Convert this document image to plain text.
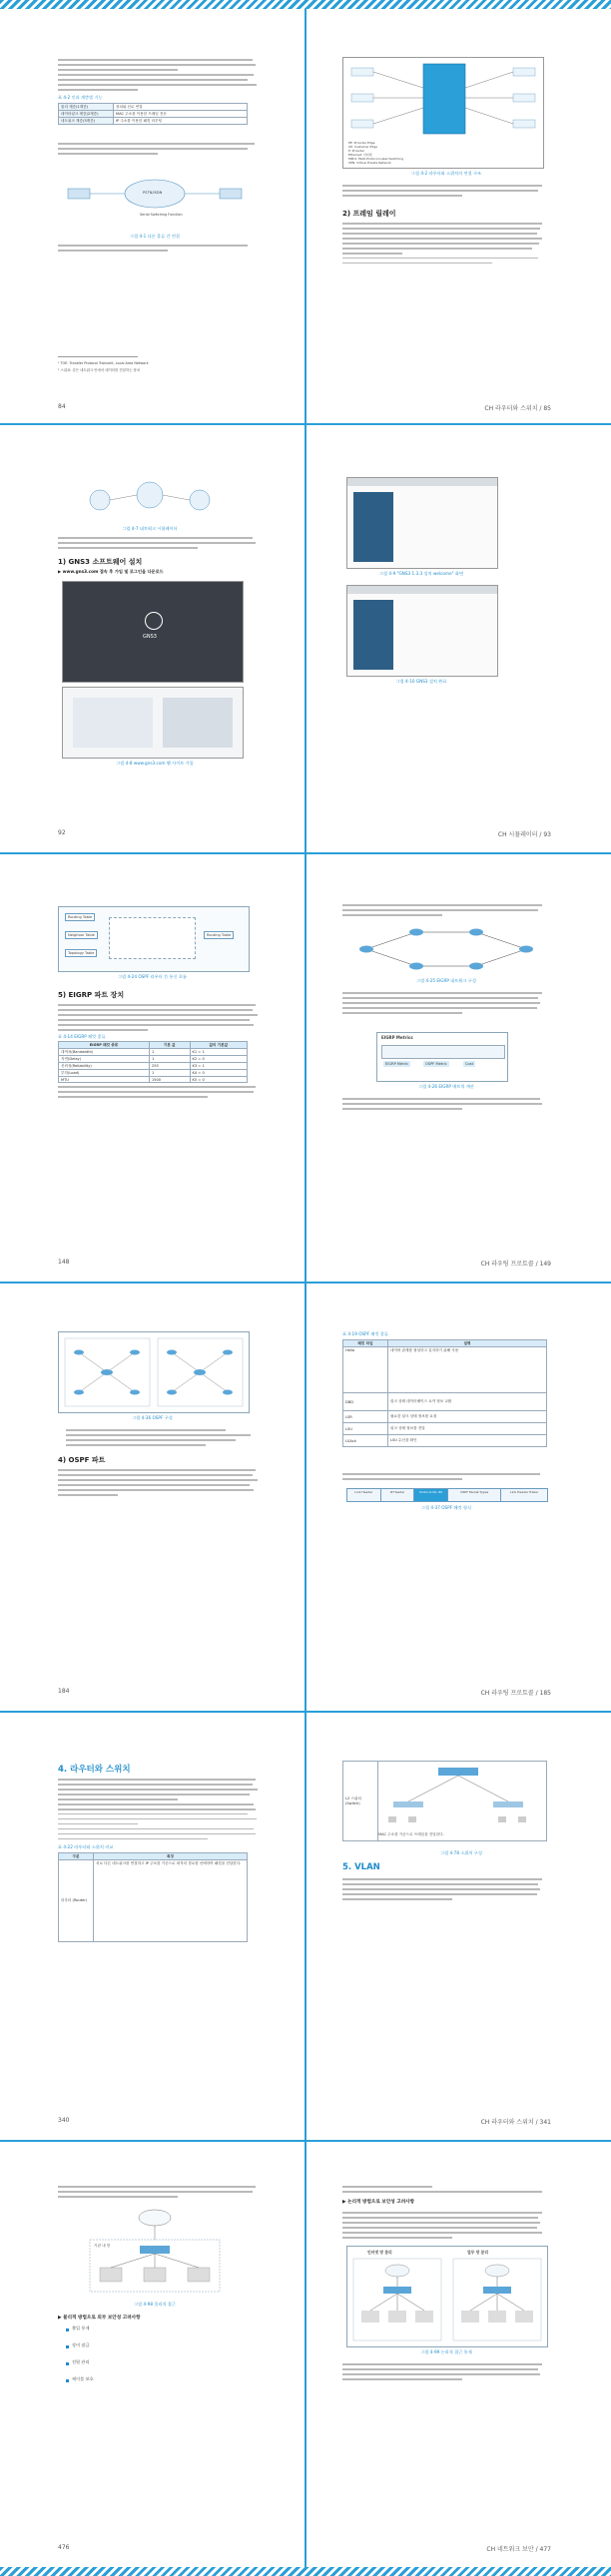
표 4-2 인과 계층별 기능
물리 계층(1계층)	장치와 선로 연결
데이터링크 계층(2계층)	MAC 주소를 이용한 프레임 전송
네트워크 계층(3계층)	IP 주소를 이용한 패킷 라우팅
PSTN/ISDN
Serial Switching Function
그림 4-1 다른 종류 간 연결
¹ TOE: Transfer Protocol Transmit, Local Area Network
² 스위치: 같은 네트워크 안에서 데이터를 전달하는 장치
84
PE: Provider Edge
CE: Customer Edge
P: Provider
Ethernet: 이더넷
MPLS: Multi-Protocol Label Switching
VPN: Virtual Private Network
그림 4-2 라우터와 스위치의 연결 구조
2) 프레임 릴레이
CH 라우터와 스위치 / 85
그림 4-7 네트워크 시뮬레이터
1) GNS3 소프트웨어 설치
▶ www.gns3.com 접속 후 가입 및 로그인을 다운로드
GNS3
그림 4-8 www.gns3.com 웹 사이트 가입
92
그림 4-9 "GNS3 1.3.3 설치 welcome" 화면
그림 4-10 GNS3 설치 완료
CH 시뮬레이터 / 93
Routing Table
Neighbor Table
Topology Table
Routing Table
그림 4-24 OSPF 라우터 간 통신 흐름
5) EIGRP 파트 장치
표 4-14 EIGRP 패킷 종류
EIGRP 패킷 종류	기본 값	값의 기본값
대역폭(Bandwidth)	1	K1 = 1
지연(Delay)	1	K2 = 0
신뢰성(Reliability)	255	K3 = 1
부하(Load)	1	K4 = 0
MTU	1500	K5 = 0
148
그림 4-25 EIGRP 네트워크 구성
EIGRP Metrics
EIGRP Metric	OSPF Metric	Cost
그림 4-26 EIGRP 메트릭 계산
CH 라우팅 프로토콜 / 149
그림 4-36 OSPF 구성
4) OSPF 파트
184
표 4-19 OSPF 패킷 종류
패킷 타입	설명
Hello	네이버 관계를 형성하고 유지하기 위해 사용
DBD	링크 상태 데이터베이스 요약 정보 교환
LSR	필요한 링크 상태 정보를 요청
LSU	링크 상태 정보를 전달
LSAck	LSU 수신을 확인
Link Header	IP Header	Protocol No. 89	OSPF Packet Types	Link Header Trailer
그림 4-37 OSPF 패킷 형식
CH 라우팅 프로토콜 / 185
4. 라우터와 스위치
표 4-22 라우터와 스위치 비교
구분	특징
라우터 (Router)	서로 다른 네트워크를 연결하고 IP 주소를 기준으로 최적의 경로를 선택하여 패킷을 전달한다.
340
L2 스위치 (Switch)	
MAC 주소를 기준으로 프레임을 전달한다.
그림 4-78 스위치 구성
5. VLAN
CH 라우터와 스위치 / 341
기관 내 망
그림 4-98 물리적 접근
▶ 물리적 방법으로 외부 보안성 고려사항
출입 통제
장비 잠금
전원 관리
케이블 보호
476
▶ 논리적 방법으로 보안성 고려사항
인터넷 망 분리	업무 망 분리
그림 4-99 논리적 접근 통제
CH 네트워크 보안 / 477
